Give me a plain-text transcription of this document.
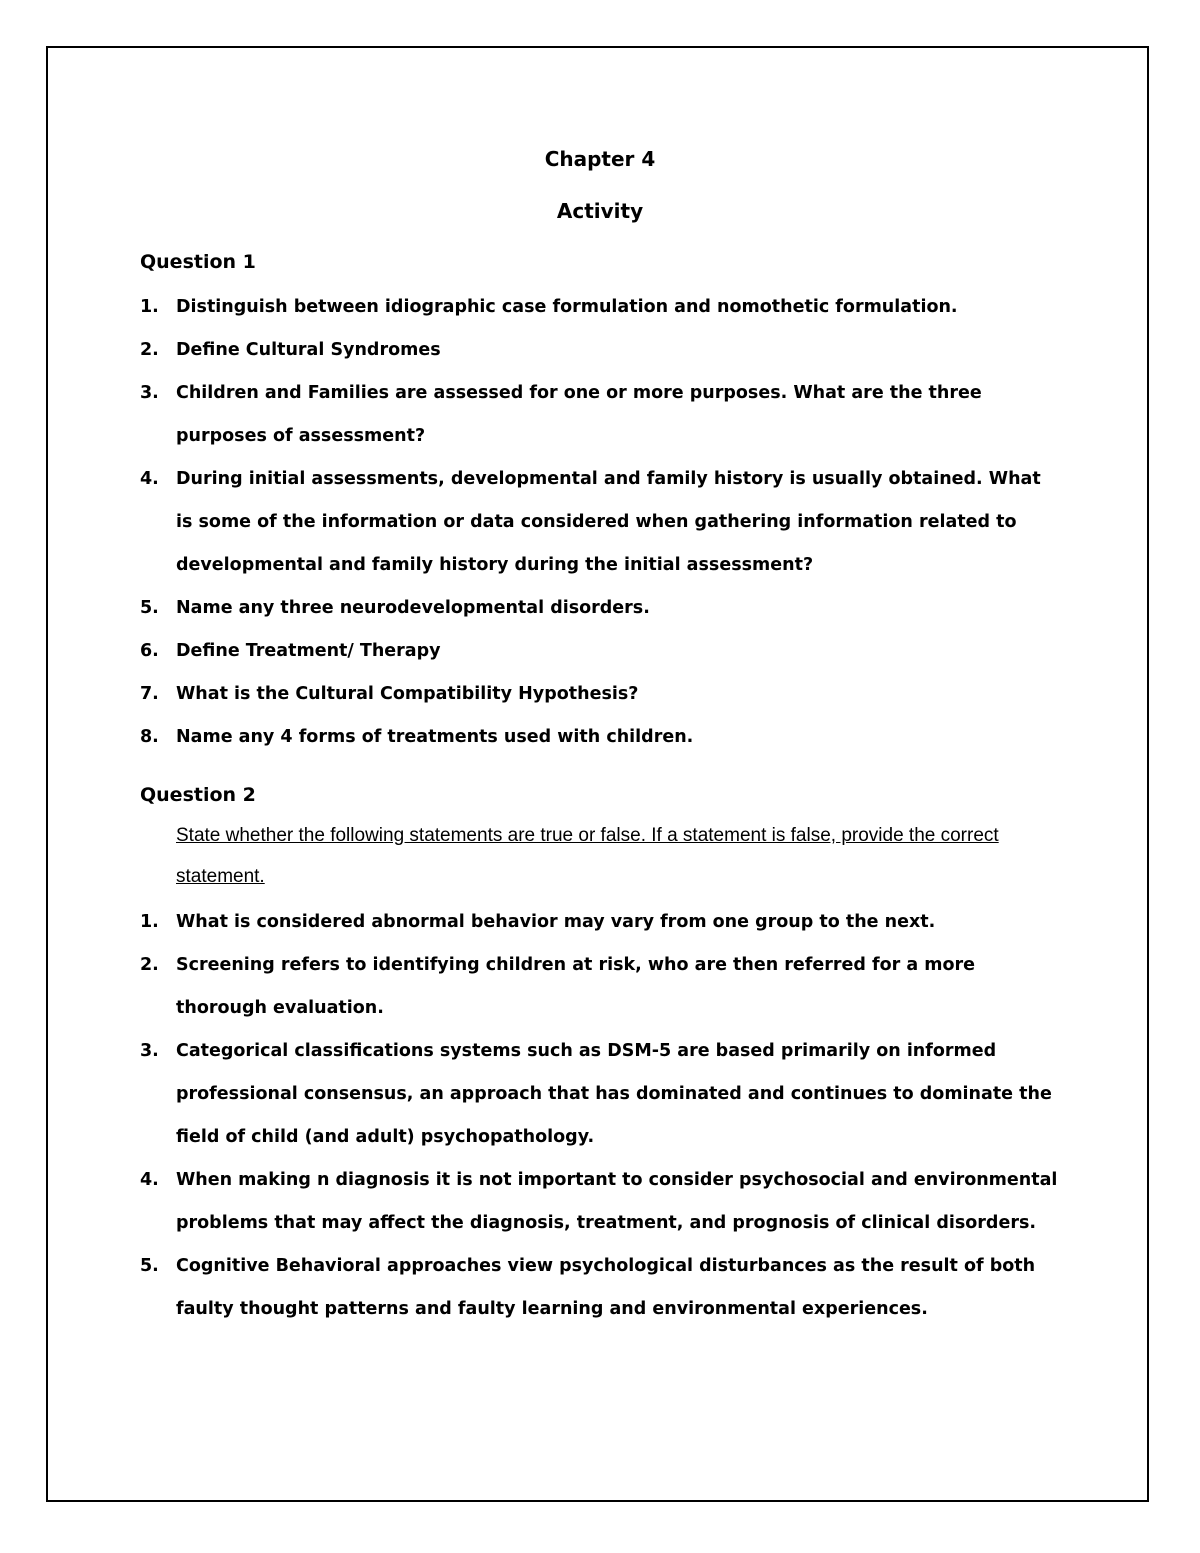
Chapter 4
Activity
Question 1
1. Distinguish between idiographic case formulation and nomothetic formulation.
2. Define Cultural Syndromes
3. Children and Families are assessed for one or more purposes. What are the three purposes of assessment?
4. During initial assessments, developmental and family history is usually obtained. What is some of the information or data considered when gathering information related to developmental and family history during the initial assessment?
5. Name any three neurodevelopmental disorders.
6. Define Treatment/ Therapy
7. What is the Cultural Compatibility Hypothesis?
8. Name any 4 forms of treatments used with children.
Question 2

State whether the following statements are true or false. If a statement is false, provide the correct statement.

1. What is considered abnormal behavior may vary from one group to the next.
2. Screening refers to identifying children at risk, who are then referred for a more thorough evaluation.
3. Categorical classifications systems such as DSM-5 are based primarily on informed professional consensus, an approach that has dominated and continues to dominate the field of child (and adult) psychopathology.
4. When making n diagnosis it is not important to consider psychosocial and environmental problems that may affect the diagnosis, treatment, and prognosis of clinical disorders.
5. Cognitive Behavioral approaches view psychological disturbances as the result of both faulty thought patterns and faulty learning and environmental experiences.
